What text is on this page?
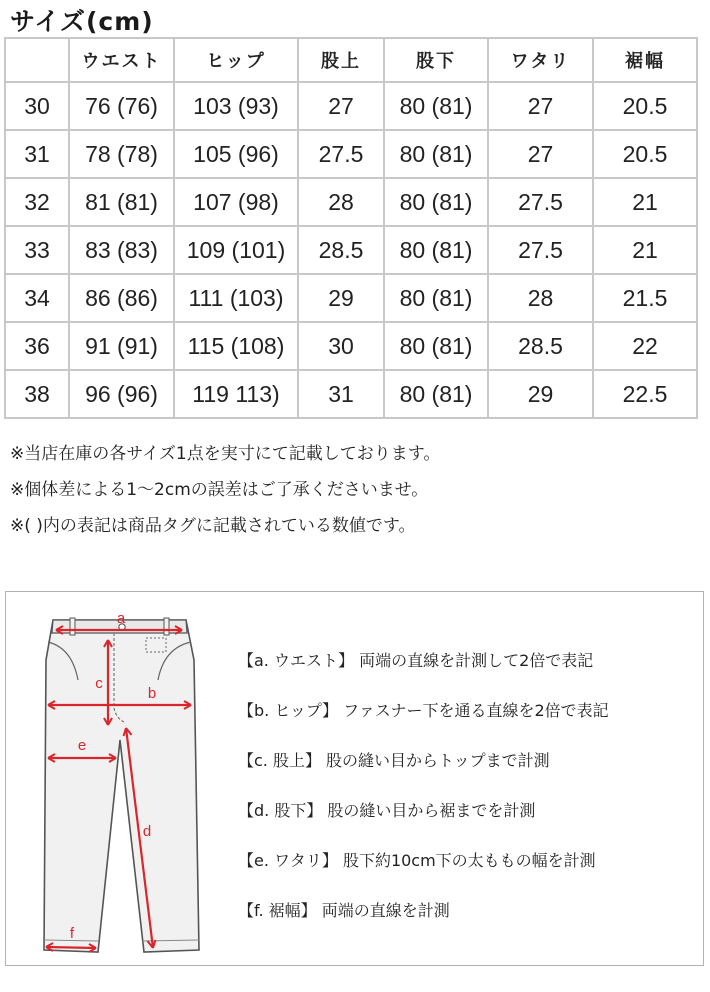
サイズ(cm)
	ウエスト	ヒップ	股上	股下	ワタリ	裾幅
30	76 (76)	103 (93)	27	80 (81)	27	20.5
31	78 (78)	105 (96)	27.5	80 (81)	27	20.5
32	81 (81)	107 (98)	28	80 (81)	27.5	21
33	83 (83)	109 (101)	28.5	80 (81)	27.5	21
34	86 (86)	111 (103)	29	80 (81)	28	21.5
36	91 (91)	115 (108)	30	80 (81)	28.5	22
38	96 (96)	119 113)	31	80 (81)	29	22.5
※当店在庫の各サイズ1点を実寸にて記載しております。
※個体差による1〜2cmの誤差はご了承くださいませ。
※( )内の表記は商品タグに記載されている数値です。
a
b
c
e
d
f
【a. ウエスト】 両端の直線を計測して2倍で表記
【b. ヒップ】 ファスナー下を通る直線を2倍で表記
【c. 股上】 股の縫い目からトップまで計測
【d. 股下】 股の縫い目から裾までを計測
【e. ワタリ】 股下約10cm下の太ももの幅を計測
【f. 裾幅】 両端の直線を計測
